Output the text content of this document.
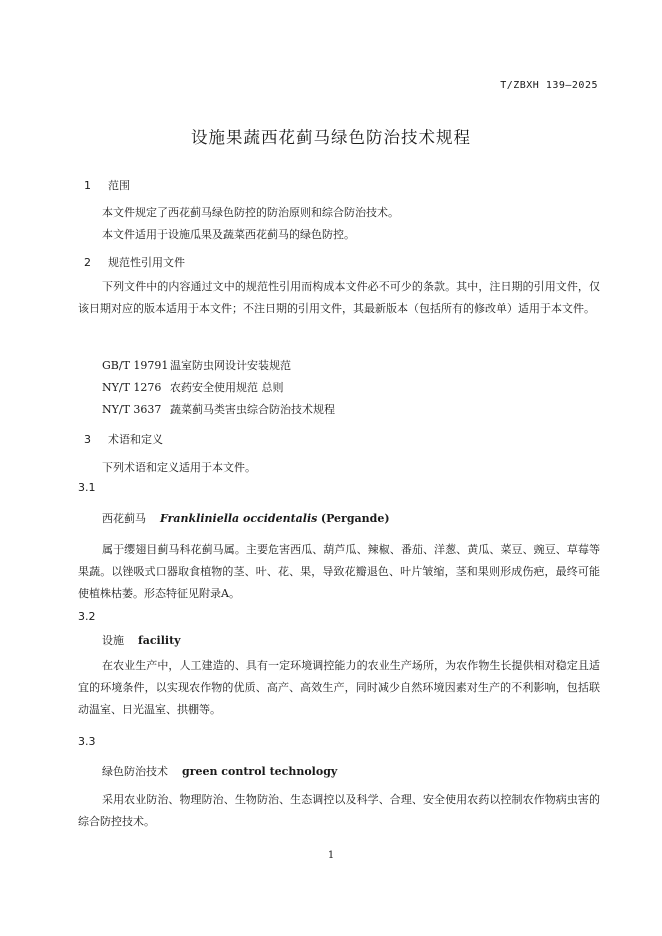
T/ZBXH 139—2025
设施果蔬西花蓟马绿色防治技术规程
1 范围
本文件规定了西花蓟马绿色防控的防治原则和综合防治技术。
本文件适用于设施瓜果及蔬菜西花蓟马的绿色防控。
2 规范性引用文件
下列文件中的内容通过文中的规范性引用而构成本文件必不可少的条款。其中，注日期的引用文件，仅该日期对应的版本适用于本文件；不注日期的引用文件，其最新版本（包括所有的修改单）适用于本文件。
GB/T 19791 温室防虫网设计安装规范
NY/T 1276 农药安全使用规范 总则
NY/T 3637 蔬菜蓟马类害虫综合防治技术规程
3 术语和定义
下列术语和定义适用于本文件。
3.1
西花蓟马 Frankliniella occidentalis (Pergande)
属于缨翅目蓟马科花蓟马属。主要危害西瓜、葫芦瓜、辣椒、番茄、洋葱、黄瓜、菜豆、豌豆、草莓等果蔬。以锉吸式口器取食植物的茎、叶、花、果，导致花瓣退色、叶片皱缩，茎和果则形成伤疤，最终可能使植株枯萎。形态特征见附录A。
3.2
设施 facility
在农业生产中，人工建造的、具有一定环境调控能力的农业生产场所，为农作物生长提供相对稳定且适宜的环境条件，以实现农作物的优质、高产、高效生产，同时减少自然环境因素对生产的不利影响，包括联动温室、日光温室、拱棚等。
3.3
绿色防治技术 green control technology
采用农业防治、物理防治、生物防治、生态调控以及科学、合理、安全使用农药以控制农作物病虫害的综合防控技术。
1
